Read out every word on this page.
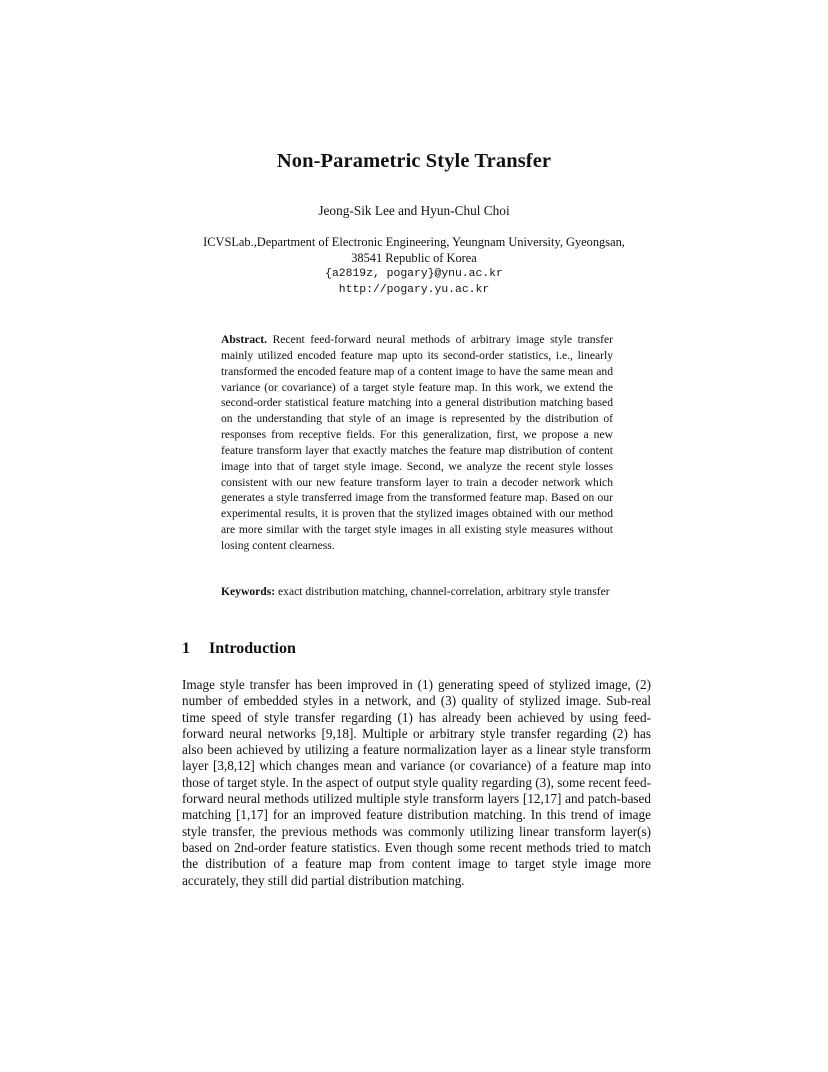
Non-Parametric Style Transfer
Jeong-Sik Lee and Hyun-Chul Choi
ICVSLab.,Department of Electronic Engineering, Yeungnam University, Gyeongsan,
38541 Republic of Korea
{a2819z, pogary}@ynu.ac.kr
http://pogary.yu.ac.kr
Abstract. Recent feed-forward neural methods of arbitrary image style transfer mainly utilized encoded feature map upto its second-order statistics, i.e., linearly transformed the encoded feature map of a content image to have the same mean and variance (or covariance) of a target style feature map. In this work, we extend the second-order statistical feature matching into a general distribution matching based on the understanding that style of an image is represented by the distribution of responses from receptive fields. For this generalization, first, we propose a new feature transform layer that exactly matches the feature map distribution of content image into that of target style image. Second, we analyze the recent style losses consistent with our new feature transform layer to train a decoder network which generates a style transferred image from the transformed feature map. Based on our experimental results, it is proven that the stylized images obtained with our method are more similar with the target style images in all existing style measures without losing content clearness.
Keywords: exact distribution matching, channel-correlation, arbitrary style transfer
1 Introduction
Image style transfer has been improved in (1) generating speed of stylized image, (2) number of embedded styles in a network, and (3) quality of stylized image. Sub-real time speed of style transfer regarding (1) has already been achieved by using feed-forward neural networks [9,18]. Multiple or arbitrary style transfer regarding (2) has also been achieved by utilizing a feature normalization layer as a linear style transform layer [3,8,12] which changes mean and variance (or covariance) of a feature map into those of target style. In the aspect of output style quality regarding (3), some recent feed-forward neural methods utilized multiple style transform layers [12,17] and patch-based matching [1,17] for an improved feature distribution matching. In this trend of image style transfer, the previous methods was commonly utilizing linear transform layer(s) based on 2nd-order feature statistics. Even though some recent methods tried to match the distribution of a feature map from content image to target style image more accurately, they still did partial distribution matching.
